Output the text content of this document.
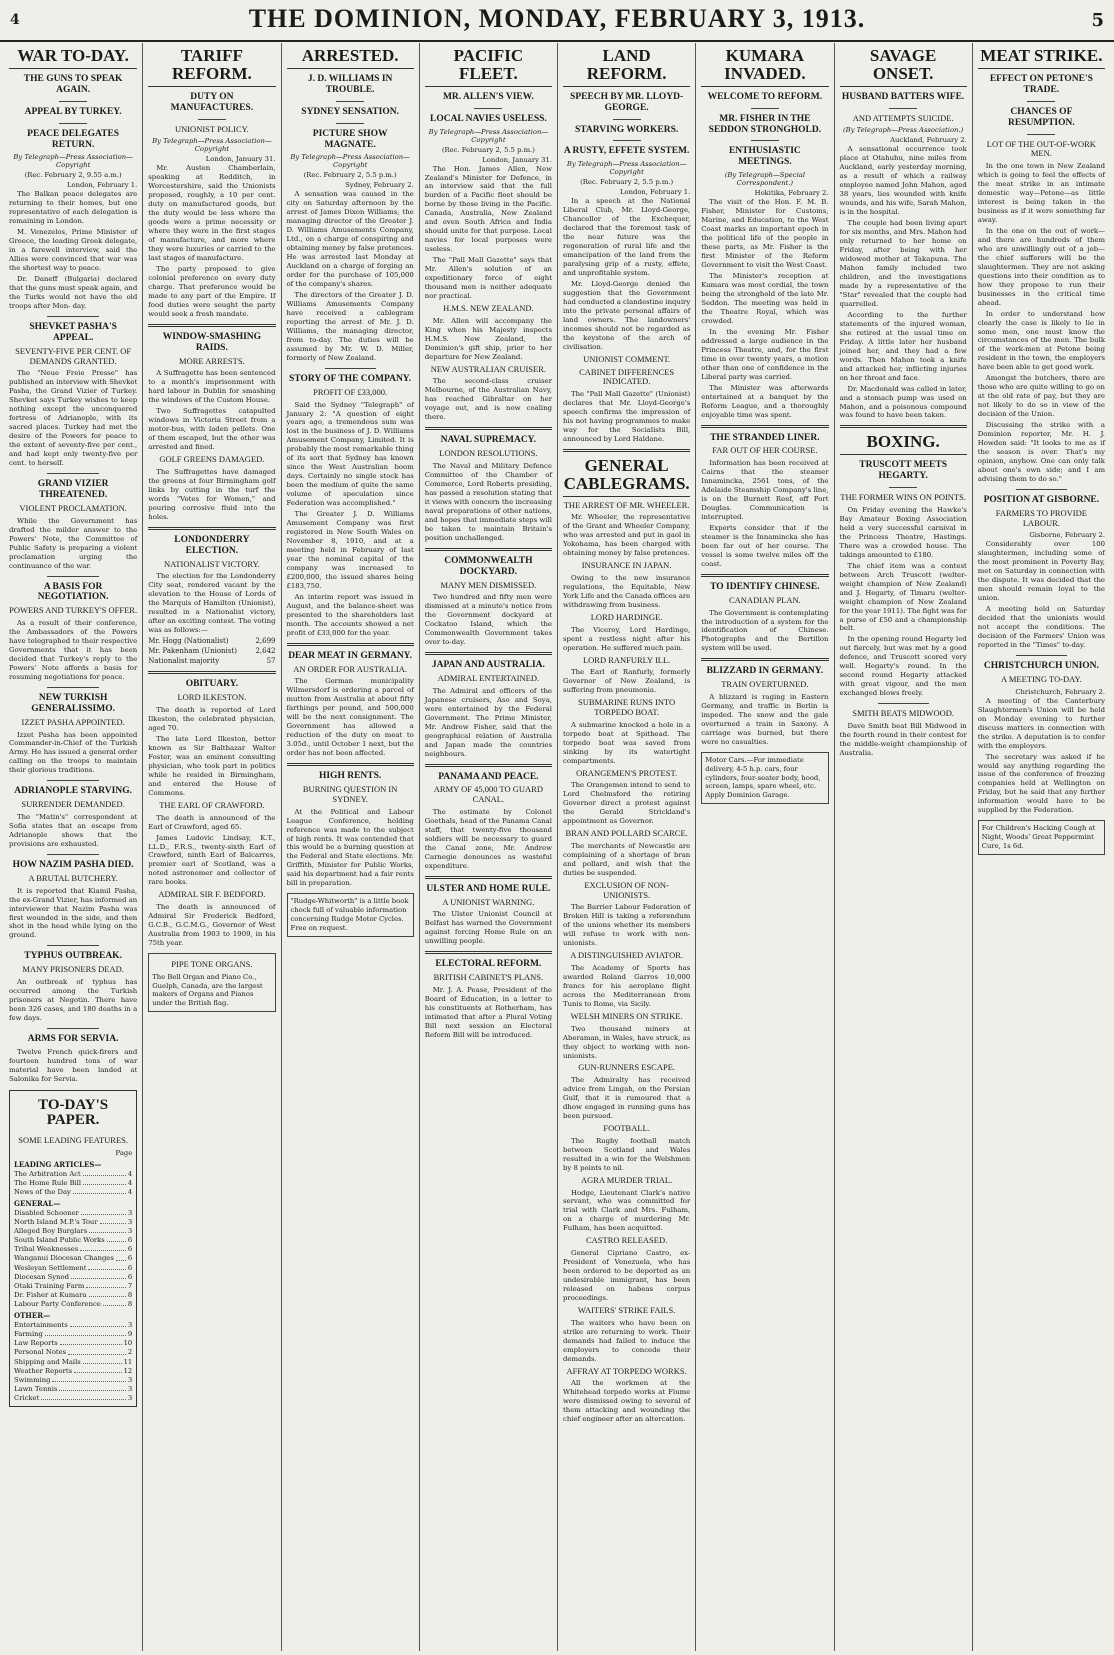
4	THE DOMINION, MONDAY, FEBRUARY 3, 1913.	5
WAR TO-DAY.
THE GUNS TO SPEAK AGAIN.
APPEAL BY TURKEY.
PEACE DELEGATES RETURN.
By Telegraph—Press Association—Copyright
(Rec. February 2, 9.55 a.m.)
London, February 1.

The Balkan peace delegates are returning to their homes, but one representative of each delegation is remaining in London.

M. Venezelos, Prime Minister of Greece, the leading Greek delegate, in a farewell interview, said the Allies were convinced that war was the shortest way to peace.

Dr. Daneff (Bulgaria) declared that the guns must speak again, and the Turks would not have the old troops after Mon- day.

SHEVKET PASHA'S APPEAL.
SEVENTY-FIVE PER CENT. OF DEMANDS GRANTED.

The "Neue Freie Presse" has published an interview with Shevket Pasha, the Grand Vizier of Turkey. Shevket says Turkey wishes to keep nothing except the unconquered fortress of Adrianople, with its sacred places. Turkey had met the desire of the Powers for peace to the extent of seventy-five per cent., and had kept only twenty-five per cent. to herself.

GRAND VIZIER THREATENED.
VIOLENT PROCLAMATION.

While the Government has drafted the milder answer to the Powers' Note, the Committee of Public Safety is preparing a violent proclamation urging the continuance of the war.

A BASIS FOR NEGOTIATION.
POWERS AND TURKEY'S OFFER.

As a result of their conference, the Ambassadors of the Powers have telegraphed to their respective Governments that it has been decided that Turkey's reply to the Powers' Note affords a basis for resuming negotiations for peace.

NEW TURKISH GENERALISSIMO.
IZZET PASHA APPOINTED.

Izzet Pasha has been appointed Commander-in-Chief of the Turkish Army. He has issued a general order calling on the troops to maintain their glorious traditions.

ADRIANOPLE STARVING.
SURRENDER DEMANDED.

The "Matin's" correspondent at Sofia states that an escape from Adrianople shows that the provisions are exhausted.

HOW NAZIM PASHA DIED.
A BRUTAL BUTCHERY.

It is reported that Kiamil Pasha, the ex-Grand Vizier, has informed an interviewer that Nazim Pasha was first wounded in the side, and then shot in the head while lying on the ground.

TYPHUS OUTBREAK.
MANY PRISONERS DEAD.

An outbreak of typhus has occurred among the Turkish prisoners at Negotin. There have been 326 cases, and 180 deaths in a few days.

ARMS FOR SERVIA.

Twelve French quick-firers and fourteen hundred tons of war material have been landed at Salonika for Servia.

TO-DAY'S PAPER.
SOME LEADING FEATURES.
Page
LEADING ARTICLES—
The Arbitration Act	4
The Home Rule Bill	4
News of the Day	4
GENERAL—
Disabled Schooner	3
North Island M.P.'s Tour	3
Alleged Boy Burglars	3
South Island Public Works	6
Tribal Weaknesses	6
Wanganui Diocesan Changes 6
Wesleyan Settlement	6
Diocesan Synod	6
Otaki Training Farm	7
Dr. Fisher at Kumara	8
Labour Party Conference	8
OTHER—
Entertainments	3
Farming	9
Law Reports	10
Personal Notes	2
Shipping and Mails	11
Weather Reports	12
Swimming	3
Lawn Tennis	3
Cricket	3
TARIFF REFORM.
DUTY ON MANUFACTURES.
UNIONIST POLICY.
By Telegraph—Press Association—Copyright
London, January 31.

Mr. Austen Chamberlain, speaking at Redditch, in Worcestershire, said the Unionists proposed, roughly, a 10 per cent. duty on manufactured goods, but the duty would be less where the goods were a prime necessity or where they were in the first stages of manufacture, and more where they were luxuries or carried to the last stages of manufacture.

The party proposed to give colonial preference on every duty charge. That preference would be made to any part of the Empire. If food duties were sought the party would seek a fresh mandate.

WINDOW-SMASHING RAIDS.
MORE ARRESTS.

A Suffragette has been sentenced to a month's imprisonment with hard labour in Dublin for smashing the windows of the Custom House.

Two Suffragettes catapulted windows in Victoria Street from a motor-bus, with laden pellets. One of them escaped, but the other was arrested and fined.

GOLF GREENS DAMAGED.

The Suffragettes have damaged the greens at four Birmingham golf links by cutting in the turf the words "Votes for Women," and pouring corrosive fluid into the holes.

LONDONDERRY ELECTION.
NATIONALIST VICTORY.

The election for the Londonderry City seat, rendered vacant by the elevation to the House of Lords of the Marquis of Hamilton (Unionist), resulted in a Nationalist victory, after an exciting contest. The voting was as follows:—

Mr. Hogg (Nationalist)	2,699
Mr. Pakenham (Unionist)	2,642
Nationalist majority	57
OBITUARY.
LORD ILKESTON.

The death is reported of Lord Ilkeston, the celebrated physician, aged 70.

The late Lord Ilkeston, better known as Sir Balthazar Walter Foster, was an eminent consulting physician, who took part in politics while he resided in Birmingham, and entered the House of Commons.

THE EARL OF CRAWFORD.

The death is announced of the Earl of Crawford, aged 65.

James Ludovic Lindsay, K.T., LL.D., F.R.S., twenty-sixth Earl of Crawford, ninth Earl of Balcarres, premier earl of Scotland, was a noted astronomer and collector of rare books.

ADMIRAL SIR F. BEDFORD.

The death is announced of Admiral Sir Frederick Bedford, G.C.B., G.C.M.G., Governor of West Australia from 1903 to 1909, in his 75th year.

PIPE TONE ORGANS.
The Bell Organ and Piano Co., Guelph, Canada, are the largest makers of Organs and Pianos under the British flag.
ARRESTED.
J. D. WILLIAMS IN TROUBLE.
SYDNEY SENSATION.
PICTURE SHOW MAGNATE.
By Telegraph—Press Association—Copyright
(Rec. February 2, 5.5 p.m.)
Sydney, February 2.

A sensation was caused in the city on Saturday afternoon by the arrest of James Dixon Williams, the managing director of the Greater J. D. Williams Amusements Company, Ltd., on a charge of conspiring and obtaining money by false pretences. He was arrested last Monday at Auckland on a charge of forging an order for the purchase of 105,000 of the company's shares.

The directors of the Greater J. D. Williams Amusements Company have received a cablegram reporting the arrest of Mr. J. D. Williams, the managing director, from to-day. The duties will be assumed by Mr. W. D. Miller, formerly of New Zealand.

STORY OF THE COMPANY.
PROFIT OF £33,000.

Said the Sydney "Telegraph" of January 2: "A question of eight years ago, a tremendous sum was lost in the business of J. D. Williams Amusement Company, Limited. It is probably the most remarkable thing of its sort that Sydney has known since the West Australian boom days. Certainly no single stock has been the medium of quite the same volume of speculation since Federation was accomplished."

The Greater J. D. Williams Amusement Company was first registered in New South Wales on November 8, 1910, and at a meeting held in February of last year the nominal capital of the company was increased to £200,000, the issued shares being £183,750.

An interim report was issued in August, and the balance-sheet was presented to the shareholders last month. The accounts showed a net profit of £33,000 for the year.

DEAR MEAT IN GERMANY.
AN ORDER FOR AUSTRALIA.

The German municipality Wilmersdorf is ordering a parcel of mutton from Australia at about fifty farthings per pound, and 500,000 will be the next consignment. The Government has allowed a reduction of the duty on meat to 3.05d., until October 1 next, but the order has not been affected.

HIGH RENTS.
BURNING QUESTION IN SYDNEY.

At the Political and Labour League Conference, holding reference was made to the subject of high rents. It was contended that this would be a burning question at the Federal and State elections. Mr. Griffith, Minister for Public Works, said his department had a fair rents bill in preparation.

"Rudge-Whitworth" is a little book chock full of valuable information concerning Rudge Motor Cycles. Free on request.
PACIFIC FLEET.
MR. ALLEN'S VIEW.
LOCAL NAVIES USELESS.
By Telegraph—Press Association—Copyright
(Rec. February 2, 5.5 p.m.)
London, January 31.

The Hon. James Allen, New Zealand's Minister for Defence, in an interview said that the full burden of a Pacific fleet should be borne by those living in the Pacific. Canada, Australia, New Zealand and even South Africa and India should unite for that purpose. Local navies for local purposes were useless.

The "Pall Mall Gazette" says that Mr. Allen's solution of an expeditionary force of eight thousand men is neither adequate nor practical.

H.M.S. NEW ZEALAND.

Mr. Allen will accompany the King when his Majesty inspects H.M.S. New Zealand, the Dominion's gift ship, prior to her departure for New Zealand.

NEW AUSTRALIAN CRUISER.

The second-class cruiser Melbourne, of the Australian Navy, has reached Gibraltar on her voyage out, and is now coaling there.

NAVAL SUPREMACY.
LONDON RESOLUTIONS.

The Naval and Military Defence Committee of the Chamber of Commerce, Lord Roberts presiding, has passed a resolution stating that it views with concern the increasing naval preparations of other nations, and hopes that immediate steps will be taken to maintain Britain's position unchallenged.

COMMONWEALTH DOCKYARD.
MANY MEN DISMISSED.

Two hundred and fifty men were dismissed at a minute's notice from the Government dockyard at Cockatoo Island, which the Commonwealth Government takes over to-day.

JAPAN AND AUSTRALIA.
ADMIRAL ENTERTAINED.

The Admiral and officers of the Japanese cruisers, Aso and Soya, were entertained by the Federal Government. The Prime Minister, Mr. Andrew Fisher, said that the geographical relation of Australia and Japan made the countries neighbours.

PANAMA AND PEACE.
ARMY OF 45,000 TO GUARD CANAL.

The estimate by Colonel Goethals, head of the Panama Canal staff, that twenty-five thousand soldiers will be necessary to guard the Canal zone, Mr. Andrew Carnegie denounces as wasteful expenditure.

ULSTER AND HOME RULE.
A UNIONIST WARNING.

The Ulster Unionist Council at Belfast has warned the Government against forcing Home Rule on an unwilling people.

ELECTORAL REFORM.
BRITISH CABINET'S PLANS.

Mr. J. A. Pease, President of the Board of Education, in a letter to his constituents at Rotherham, has intimated that after a Plural Voting Bill next session an Electoral Reform Bill will be introduced.

LAND REFORM.
SPEECH BY MR. LLOYD-GEORGE.
STARVING WORKERS.
A RUSTY, EFFETE SYSTEM.
By Telegraph—Press Association—Copyright
(Rec. February 2, 5.5 p.m.)
London, February 1.

In a speech at the National Liberal Club, Mr. Lloyd-George, Chancellor of the Exchequer, declared that the foremost task of the near future was the regeneration of rural life and the emancipation of the land from the paralysing grip of a rusty, effete, and unprofitable system.

Mr. Lloyd-George denied the suggestion that the Government had conducted a clandestine inquiry into the private personal affairs of land owners. The landowners' incomes should not be regarded as the keystone of the arch of civilisation.

UNIONIST COMMENT.
CABINET DIFFERENCES INDICATED.

The "Pall Mall Gazette" (Unionist) declares that Mr. Lloyd-George's speech confirms the impression of his not having programmes to make way for the Socialists Bill, announced by Lord Haldane.

GENERAL CABLEGRAMS.
THE ARREST OF MR. WHEELER.

Mr. Wheeler, the representative of the Grant and Wheeler Company, who was arrested and put in gaol in Yokohama, has been charged with obtaining money by false pretences.

INSURANCE IN JAPAN.

Owing to the new insurance regulations, the Equitable, New York Life and the Canada offices are withdrawing from business.

LORD HARDINGE.

The Viceroy, Lord Hardinge, spent a restless night after his operation. He suffered much pain.

LORD RANFURLY ILL.

The Earl of Ranfurly, formerly Governor of New Zealand, is suffering from pneumonia.

SUBMARINE RUNS INTO TORPEDO BOAT.

A submarine knocked a hole in a torpedo boat at Spithead. The torpedo boat was saved from sinking by its watertight compartments.

ORANGEMEN'S PROTEST.

The Orangemen intend to send to Lord Chelmsford the retiring Governor direct a protest against the Gerald Strickland's appointment as Governor.

BRAN AND POLLARD SCARCE.

The merchants of Newcastle are complaining of a shortage of bran and pollard, and wish that the duties be suspended.

EXCLUSION OF NON-UNIONISTS.

The Barrier Labour Federation of Broken Hill is taking a referendum of the unions whether its members will refuse to work with non-unionists.

A DISTINGUISHED AVIATOR.

The Academy of Sports has awarded Roland Garros 10,000 francs for his aeroplane flight across the Mediterranean from Tunis to Rome, via Sicily.

WELSH MINERS ON STRIKE.

Two thousand miners at Aberaman, in Wales, have struck, as they object to working with non-unionists.

GUN-RUNNERS ESCAPE.

The Admiralty has received advice from Lingah, on the Persian Gulf, that it is rumoured that a dhow engaged in running guns has been pursued.

FOOTBALL.

The Rugby football match between Scotland and Wales resulted in a win for the Welshmen by 8 points to nil.

AGRA MURDER TRIAL.

Hodge, Lieutenant Clark's native servant, who was committed for trial with Clark and Mrs. Fulham, on a charge of murdering Mr. Fulham, has been acquitted.

CASTRO RELEASED.

General Cipriano Castro, ex-President of Venezuela, who has been ordered to be deported as an undesirable immigrant, has been released on habeas corpus proceedings.

WAITERS' STRIKE FAILS.

The waiters who have been on strike are returning to work. Their demands had failed to induce the employers to concede their demands.

AFFRAY AT TORPEDO WORKS.

All the workmen at the Whitehead torpedo works at Fiume were dismissed owing to several of them attacking and wounding the chief engineer after an altercation.

KUMARA INVADED.
WELCOME TO REFORM.
MR. FISHER IN THE SEDDON STRONGHOLD.
ENTHUSIASTIC MEETINGS.
(By Telegraph—Special Correspondent.)
Hokitika, February 2.

The visit of the Hon. F. M. B. Fisher, Minister for Customs, Marine, and Education, to the West Coast marks an important epoch in the political life of the people in these parts, as Mr. Fisher is the first Minister of the Reform Government to visit the West Coast.

The Minister's reception at Kumara was most cordial, the town being the stronghold of the late Mr. Seddon. The meeting was held in the Theatre Royal, which was crowded.

In the evening Mr. Fisher addressed a large audience in the Princess Theatre, and, for the first time in over twenty years, a motion other than one of confidence in the Liberal party was carried.

The Minister was afterwards entertained at a banquet by the Reform League, and a thoroughly enjoyable time was spent.

THE STRANDED LINER.
FAR OUT OF HER COURSE.

Information has been received at Cairns that the steamer Innamincka, 2561 tons, of the Adelaide Steamship Company's line, is on the Burnett Reef, off Port Douglas. Communication is interrupted.

Experts consider that if the steamer is the Innamincka she has been far out of her course. The vessel is some twelve miles off the coast.

TO IDENTIFY CHINESE.
CANADIAN PLAN.

The Government is contemplating the introduction of a system for the identification of Chinese. Photographs and the Bertillon system will be used.

BLIZZARD IN GERMANY.
TRAIN OVERTURNED.

A blizzard is raging in Eastern Germany, and traffic in Berlin is impeded. The snow and the gale overturned a train in Saxony. A carriage was burned, but there were no casualties.

Motor Cars.—For immediate delivery, 4-5 h.p. cars, four cylinders, four-seater body, hood, screen, lamps, spare wheel, etc. Apply Dominion Garage.
SAVAGE ONSET.
HUSBAND BATTERS WIFE.
AND ATTEMPTS SUICIDE.
(By Telegraph—Press Association.)
Auckland, February 2.

A sensational occurrence took place at Otahuhu, nine miles from Auckland, early yesterday morning, as a result of which a railway employee named John Mahon, aged 38 years, lies wounded with knife wounds, and his wife, Sarah Mahon, is in the hospital.

The couple had been living apart for six months, and Mrs. Mahon had only returned to her home on Friday, after being with her widowed mother at Takapuna. The Mahon family included two children, and the investigations made by a representative of the "Star" revealed that the couple had quarrelled.

According to the further statements of the injured woman, she retired at the usual time on Friday. A little later her husband joined her, and they had a few words. Then Mahon took a knife and attacked her, inflicting injuries on her throat and face.

Dr. Macdonald was called in later, and a stomach pump was used on Mahon, and a poisonous compound was found to have been taken.

BOXING.
TRUSCOTT MEETS HEGARTY.
THE FORMER WINS ON POINTS.

On Friday evening the Hawke's Bay Amateur Boxing Association held a very successful carnival in the Princess Theatre, Hastings. There was a crowded house. The takings amounted to £180.

The chief item was a contest between Arch Truscott (welter-weight champion of New Zealand) and J. Hegarty, of Timaru (welter-weight champion of New Zealand for the year 1911). The fight was for a purse of £50 and a championship belt.

In the opening round Hegarty led out fiercely, but was met by a good defence, and Truscott scored very well. Hegarty's round. In the second round Hegarty attacked with great vigour, and the men exchanged blows freely.

SMITH BEATS MIDWOOD.

Dave Smith beat Bill Midwood in the fourth round in their contest for the middle-weight championship of Australia.

MEAT STRIKE.
EFFECT ON PETONE'S TRADE.
CHANCES OF RESUMPTION.
LOT OF THE OUT-OF-WORK MEN.

In the one town in New Zealand which is going to feel the effects of the meat strike in an intimate domestic way—Petone—as little interest is being taken in the business as if it were something far away.

In the one on the out of work—and there are hundreds of them who are unwillingly out of a job—the chief sufferers will be the slaughtermen. They are not asking questions into their condition as to how they propose to run their businesses in the critical time ahead.

In order to understand how clearly the case is likely to lie in some men, one must know the circumstances of the men. The bulk of the work-men at Petone being resident in the town, the employers have been able to get good work.

Amongst the butchers, there are those who are quite willing to go on at the old rate of pay, but they are not likely to do so in view of the decision of the Union.

Discussing the strike with a Dominion reporter, Mr. H. J. Howden said: "It looks to me as if the season is over. That's my opinion, anyhow. One can only talk about one's own side; and I am advising them to do so."

POSITION AT GISBORNE.
FARMERS TO PROVIDE LABOUR.
Gisborne, February 2.

Considerably over 100 slaughtermen, including some of the most prominent in Poverty Bay, met on Saturday in connection with the dispute. It was decided that the men should remain loyal to the union.

A meeting held on Saturday decided that the unionists would not accept the conditions. The decision of the Farmers' Union was reported in the "Times" to-day.

CHRISTCHURCH UNION.
A MEETING TO-DAY.
Christchurch, February 2.

A meeting of the Canterbury Slaughtermen's Union will be held on Monday evening to further discuss matters in connection with the strike. A deputation is to confer with the employers.

The secretary was asked if he would say anything regarding the issue of the conference of freezing companies held at Wellington on Friday, but he said that any further information would have to be supplied by the Federation.

For Children's Hacking Cough at Night, Woods' Great Peppermint Cure, 1s 6d.
